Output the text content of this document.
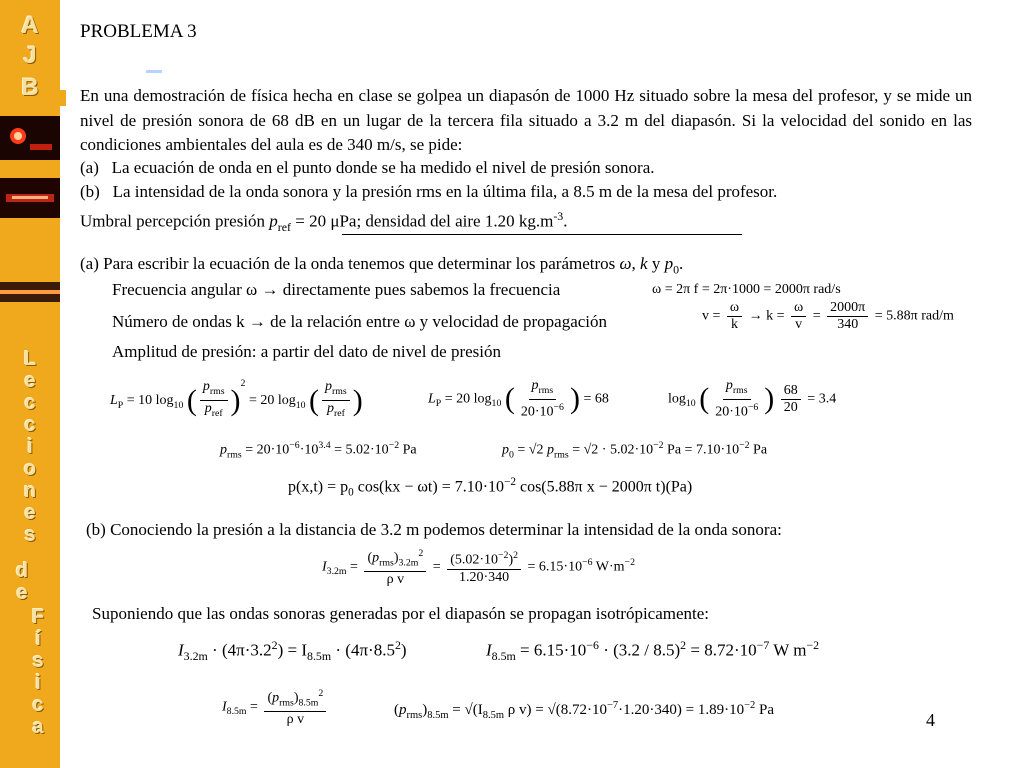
A
J
B
L
e
c
c
i
o
n
e
s
d
e
F
í
s
i
c
a
PROBLEMA 3
En una demostración de física hecha en clase se golpea un diapasón de 1000 Hz situado sobre la mesa del profesor, y se mide un nivel de presión sonora de 68 dB en un lugar de la tercera fila situado a 3.2 m del diapasón. Si la velocidad del sonido en las condiciones ambientales del aula es de 340 m/s, se pide:
(a) La ecuación de onda en el punto donde se ha medido el nivel de presión sonora.
(b) La intensidad de la onda sonora y la presión rms en la última fila, a 8.5 m de la mesa del profesor.
Umbral percepción presión $p_{ref} = 20$ μPa; densidad del aire 1.20 $kg.m^{-3}$.
(a) Para escribir la ecuación de la onda tenemos que determinar los parámetros ω, k y $p_0$.
Frecuencia angular ω → directamente pues sabemos la frecuencia	ω = 2π f = 2π·1000 = 2000π rad/s
Número de ondas k → de la relación entre ω y velocidad de propagación	$v = \frac{\omega}{k} \to k = \frac{\omega}{v} = \frac{2000\pi}{340} = 5.88\pi$ rad/m
Amplitud de presión: a partir del dato de nivel de presión
$L_P = 10$ $\log_{10}$ ( $\frac{p_{rms}}{p_{ref}} )^2 = 20$ $\log_{10}$ ( $\frac{p_{rms}}{p_{ref}}$ )	$L_P = 20$ $\log_{10}$ ( $\frac{p_{rms}}{20\cdot 10^{-6}}$ ) = 68	$\log_{10}$ ( $\frac{p_{rms}}{20\cdot 10^{-6}}$ ) $\frac{68}{20} = 3.4$
$p_{rms} = 20\cdot 10^{-6}\cdot 10^{3.4} = 5.02\cdot 10^{-2}$ Pa	$p_0 = √2$ $p_{rms} = √2 \cdot 5.02\cdot 10^{-2}$ $Pa = 7.10\cdot 10^{-2}$ Pa
$p(x,t) = p_0$ $\cos(kx - \omega t) = 7.10\cdot 10^{-2}$ cos(5.88π x − 2000π t)(Pa)
(b) Conociendo la presión a la distancia de 3.2 m podemos determinar la intensidad de la onda sonora:
$I_{3.2m} = \frac{(p_{rms})_{3.2m}^2}{\text{ρ v}} = \frac{(5.02\cdot 10^{-2})^2}{1.20\cdot 340} = 6.15\cdot 10^{-6}$ $W\cdot m^{-2}$
Suponiendo que las ondas sonoras generadas por el diapasón se propagan isotrópicamente:
$I_{3.2m} \cdot (4\pi\cdot 3.2^2) = I_{8.5m} \cdot (4\pi\cdot 8.5^2)$	$I_{8.5m} = 6.15\cdot 10^{-6} \cdot (3.2 / 8.5)^2 = 8.72\cdot 10^{-7}$ W $m^{-2}$
$I_{8.5m} = \frac{(p_{rms})_{8.5m}^2}{\text{ρ v}}$	$(p_{rms})_{8.5m} = √(I_{8.5m}$ ρ $v) = √(8.72\cdot 10^{-7}\cdot 1.20\cdot 340) = 1.89\cdot 10^{-2}$ Pa	4
